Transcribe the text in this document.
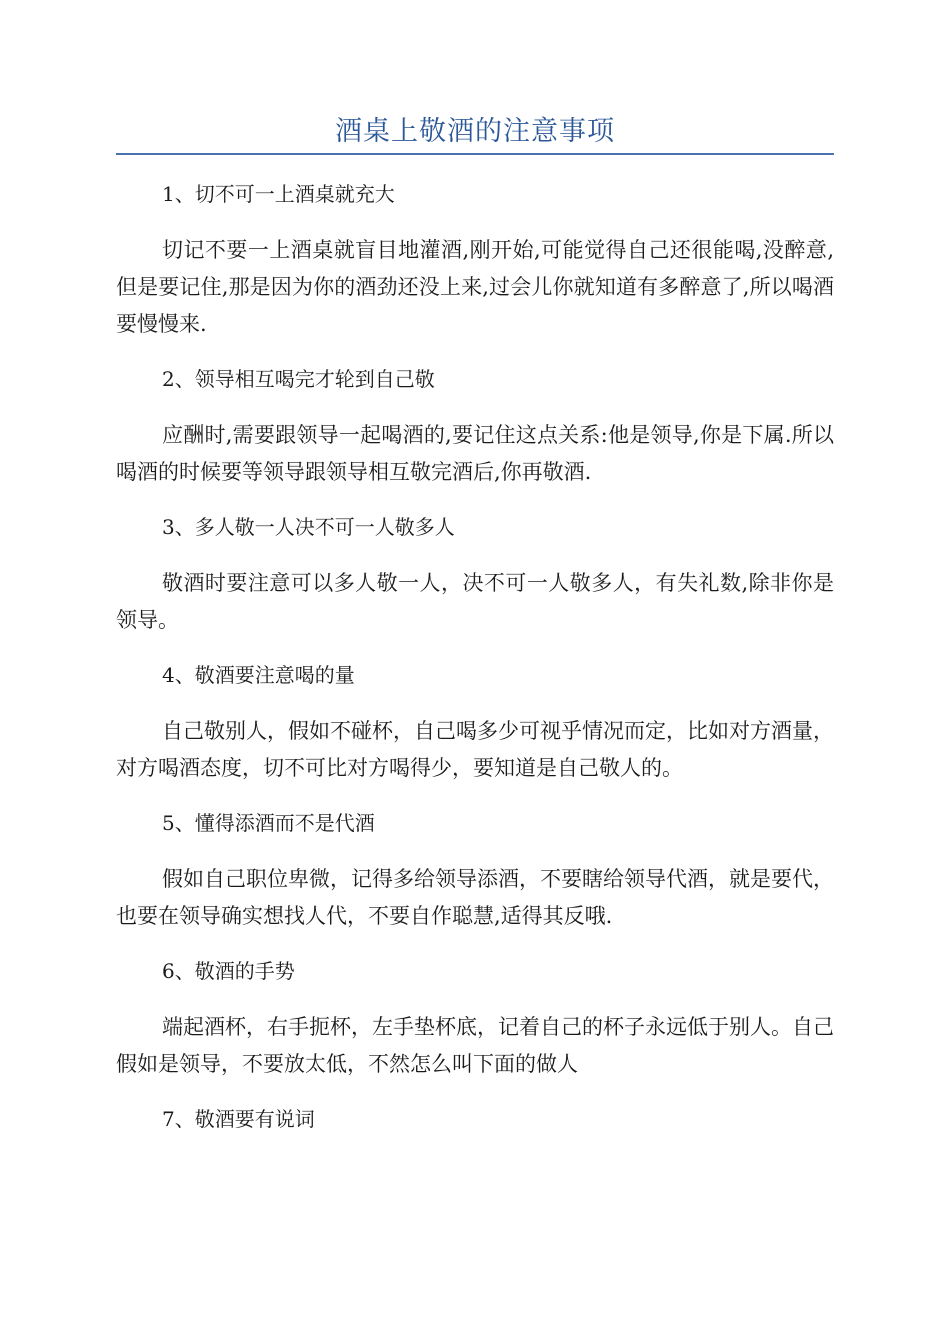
酒桌上敬酒的注意事项

1、切不可一上酒桌就充大

切记不要一上酒桌就盲目地灌酒,刚开始,可能觉得自己还很能喝,没醉意,但是要记住,那是因为你的酒劲还没上来,过会儿你就知道有多醉意了,所以喝酒要慢慢来.

2、领导相互喝完才轮到自己敬

应酬时,需要跟领导一起喝酒的,要记住这点关系:他是领导,你是下属.所以喝酒的时候要等领导跟领导相互敬完酒后,你再敬酒.

3、多人敬一人决不可一人敬多人

敬酒时要注意可以多人敬一人，决不可一人敬多人，有失礼数,除非你是领导。

4、敬酒要注意喝的量

自己敬别人，假如不碰杯，自己喝多少可视乎情况而定，比如对方酒量，对方喝酒态度，切不可比对方喝得少，要知道是自己敬人的。

5、懂得添酒而不是代酒

假如自己职位卑微，记得多给领导添酒，不要瞎给领导代酒，就是要代，也要在领导确实想找人代，不要自作聪慧,适得其反哦.

6、敬酒的手势

端起酒杯，右手扼杯，左手垫杯底，记着自己的杯子永远低于别人。自己假如是领导，不要放太低，不然怎么叫下面的做人

7、敬酒要有说词
